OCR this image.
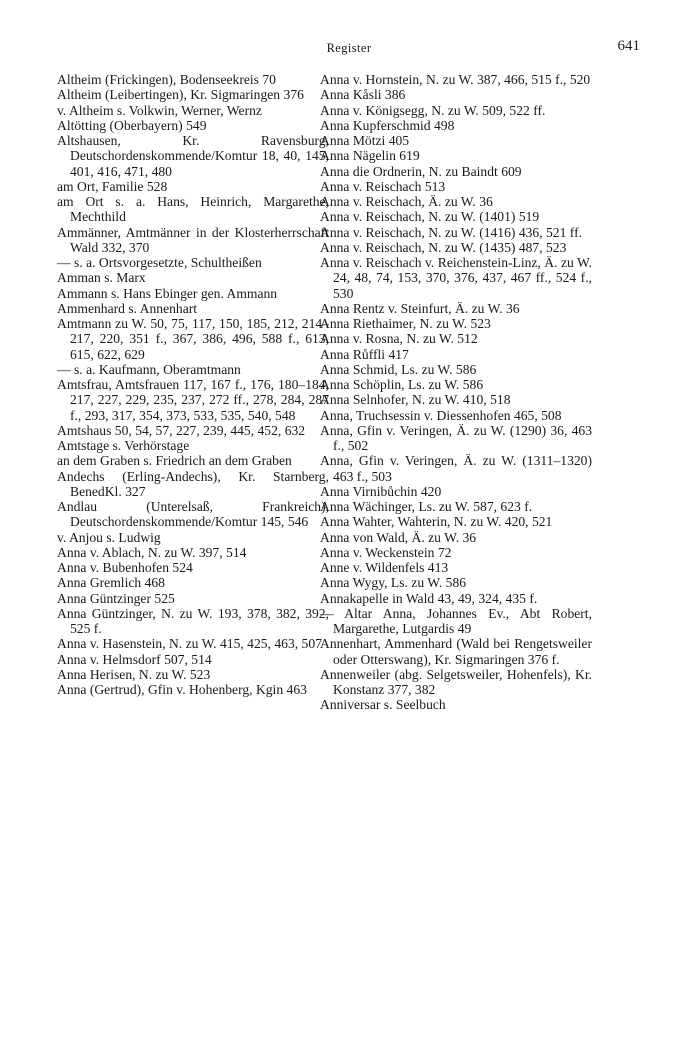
Register	641

Altheim (Frickingen), Bodenseekreis 70

Altheim (Leibertingen), Kr. Sigmaringen 376

v. Altheim s. Volkwin, Werner, Wernz

Altötting (Oberbayern) 549

Altshausen, Kr. Ravensburg, Deutschordenskommende/Komtur 18, 40, 145, 401, 416, 471, 480

am Ort, Familie 528

am Ort s. a. Hans, Heinrich, Margarethe, Mechthild

Ammänner, Amtmänner in der Klosterherrschaft Wald 332, 370

— s. a. Ortsvorgesetzte, Schultheißen

Amman s. Marx

Ammann s. Hans Ebinger gen. Ammann

Ammenhard s. Annenhart

Amtmann zu W. 50, 75, 117, 150, 185, 212, 214–217, 220, 351 f., 367, 386, 496, 588 f., 613, 615, 622, 629

— s. a. Kaufmann, Oberamtmann

Amtsfrau, Amtsfrauen 117, 167 f., 176, 180–184, 217, 227, 229, 235, 237, 272 ff., 278, 284, 287 f., 293, 317, 354, 373, 533, 535, 540, 548

Amtshaus 50, 54, 57, 227, 239, 445, 452, 632

Amtstage s. Verhörstage

an dem Graben s. Friedrich an dem Graben

Andechs (Erling-Andechs), Kr. Starnberg, BenedKl. 327

Andlau (Unterelsaß, Frankreich), Deutschordenskommende/Komtur 145, 546

v. Anjou s. Ludwig

Anna v. Ablach, N. zu W. 397, 514

Anna v. Bubenhofen 524

Anna Gremlich 468

Anna Güntzinger 525

Anna Güntzinger, N. zu W. 193, 378, 382, 392, 525 f.

Anna v. Hasenstein, N. zu W. 415, 425, 463, 507

Anna v. Helmsdorf 507, 514

Anna Herisen, N. zu W. 523

Anna (Gertrud), Gfin v. Hohenberg, Kgin 463

Anna v. Hornstein, N. zu W. 387, 466, 515 f., 520

Anna Kåsli 386

Anna v. Königsegg, N. zu W. 509, 522 ff.

Anna Kupferschmid 498

Anna Mötzi 405

Anna Nägelin 619

Anna die Ordnerin, N. zu Baindt 609

Anna v. Reischach 513

Anna v. Reischach, Ä. zu W. 36

Anna v. Reischach, N. zu W. (1401) 519

Anna v. Reischach, N. zu W. (1416) 436, 521 ff.

Anna v. Reischach, N. zu W. (1435) 487, 523

Anna v. Reischach v. Reichenstein-Linz, Ä. zu W. 24, 48, 74, 153, 370, 376, 437, 467 ff., 524 f., 530

Anna Rentz v. Steinfurt, Ä. zu W. 36

Anna Riethaimer, N. zu W. 523

Anna v. Rosna, N. zu W. 512

Anna Růffli 417

Anna Schmid, Ls. zu W. 586

Anna Schöplin, Ls. zu W. 586

Anna Selnhofer, N. zu W. 410, 518

Anna, Truchsessin v. Diessenhofen 465, 508

Anna, Gfin v. Veringen, Ä. zu W. (1290) 36, 463 f., 502

Anna, Gfin v. Veringen, Ä. zu W. (1311–1320) 463 f., 503

Anna Virnibůchin 420

Anna Wächinger, Ls. zu W. 587, 623 f.

Anna Wahter, Wahterin, N. zu W. 420, 521

Anna von Wald, Ä. zu W. 36

Anna v. Weckenstein 72

Anne v. Wildenfels 413

Anna Wygy, Ls. zu W. 586

Annakapelle in Wald 43, 49, 324, 435 f.

— Altar Anna, Johannes Ev., Abt Robert, Margarethe, Lutgardis 49

Annenhart, Ammenhard (Wald bei Rengetsweiler oder Otterswang), Kr. Sigmaringen 376 f.

Annenweiler (abg. Selgetsweiler, Hohenfels), Kr. Konstanz 377, 382

Anniversar s. Seelbuch
